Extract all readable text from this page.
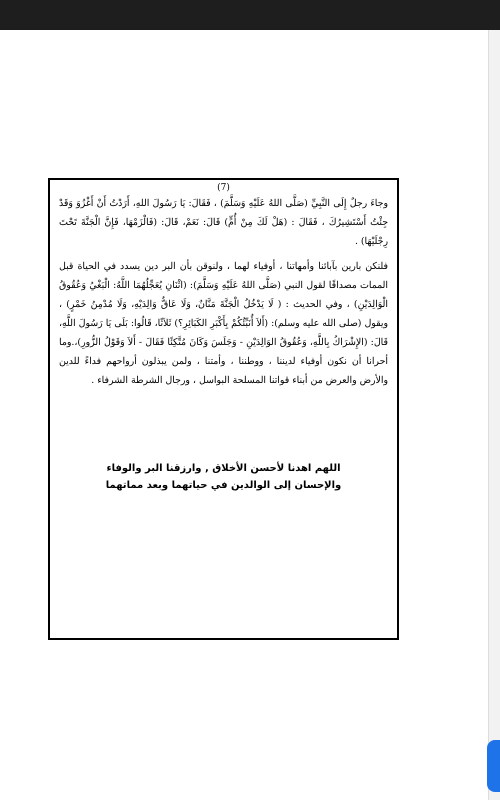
(7)

وجاءَ رجلٌ إِلَى النَّبِيِّ (صَلَّى اللهُ عَلَيْهِ وَسَلَّمَ) ، فَقَالَ: يَا رَسُولَ اللهِ، أَرَدْتُ أَنْ أَغْزُوَ وَقَدْ جِئْتُ أَسْتَشِيرُكَ ، فَقَالَ : (هَلْ لَكَ مِنْ أُمٍّ) قَالَ: نَعَمْ، قَالَ: (فَالْزَمْهَا، فَإِنَّ الْجَنَّةَ تَحْتَ رِجْلَيْهَا) .

فلنكن بارين بآبائنا وأمهاتنا ، أوفياء لهما ، ولنوقن بأن البر دين يسدد في الحياة قبل الممات مصداقًا لقول النبي (صَلَّى اللهُ عَلَيْهِ وَسَلَّمَ): (اثْنَانِ يُعَجِّلُهُمَا اللَّهُ: الْبَغْيُ وَعُقُوقُ الْوَالِدَيْنِ) ، وفي الحديث : ( لَا يَدْخُلُ الْجَنَّةَ مَنَّانٌ، وَلَا عَاقٌّ وَالِدَيْهِ، وَلَا مُدْمِنُ خَمْرٍ) ، ويقول (صلى الله عليه وسلم): (أَلاَ أُنَبِّئُكُمْ بِأَكْبَرِ الكَبَائِرِ؟) ثَلاَثًا، قَالُوا: بَلَى يَا رَسُولَ اللَّهِ، قَالَ: (الإِشْرَاكُ بِاللَّهِ، وَعُقُوقُ الوَالِدَيْنِ - وَجَلَسَ وَكَانَ مُتَّكِئًا فَقَالَ - أَلاَ وَقَوْلُ الزُّورِ)،.وما أحرانا أن نكون أوفياء لديننا ، ووطننا ، وأمتنا ، ولمن يبذلون أرواحهم فداءً للدين والأرض والعرض من أبناء قواتنا المسلحة البواسل ، ورجال الشرطة الشرفاء .

اللهم اهدنا لأحسن الأخلاق , وارزقنا البر والوفاء

والإحسان إلى الوالدين في حياتهما وبعد مماتهما
